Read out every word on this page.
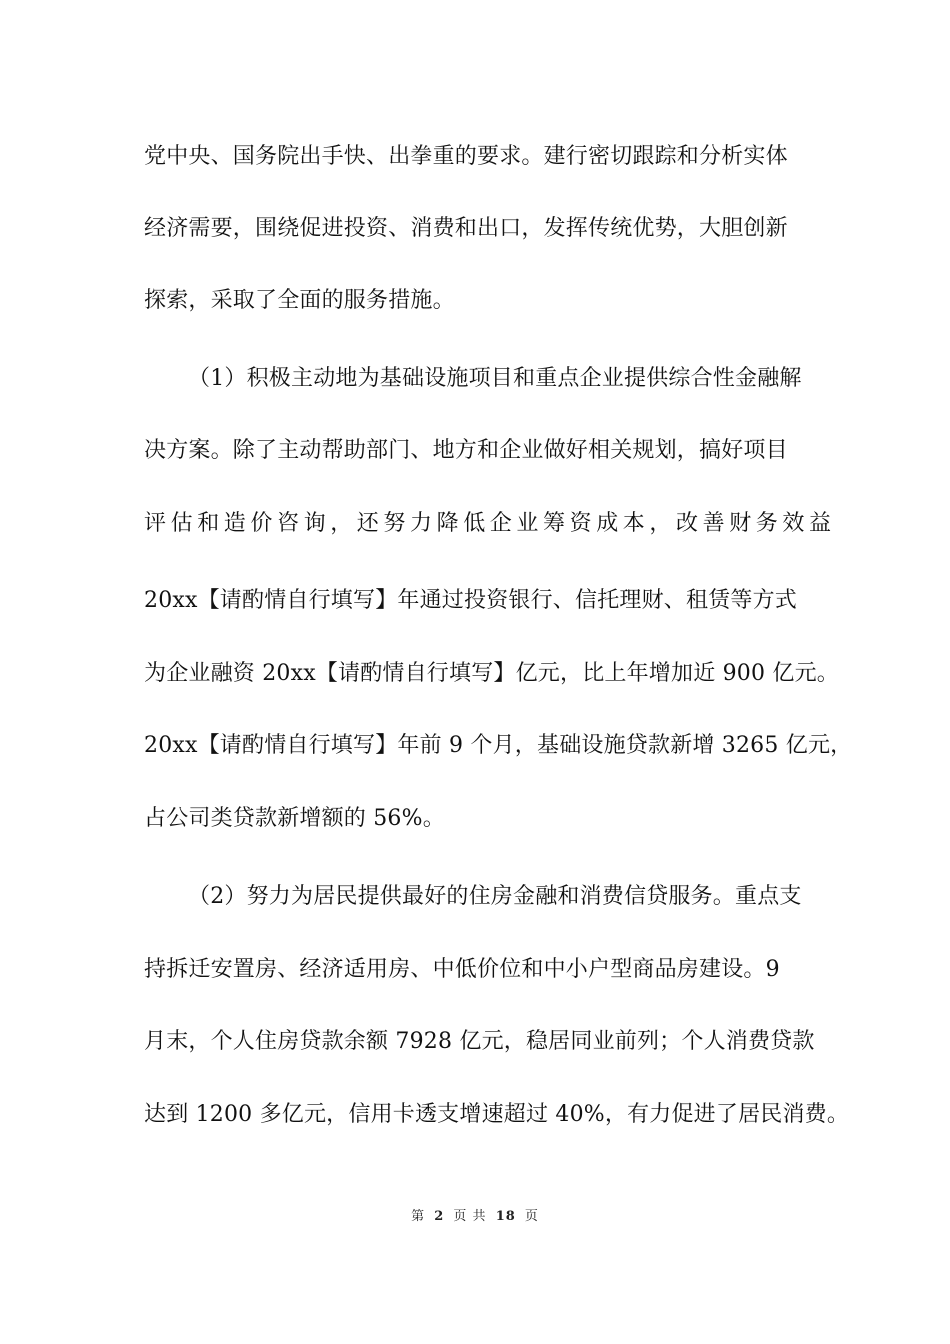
党中央、国务院出手快、出拳重的要求。建行密切跟踪和分析实体
经济需要，围绕促进投资、消费和出口，发挥传统优势，大胆创新
探索，采取了全面的服务措施。
（1）积极主动地为基础设施项目和重点企业提供综合性金融解
决方案。除了主动帮助部门、地方和企业做好相关规划，搞好项目
评估和造价咨询，还努力降低企业筹资成本，改善财务效益
20xx【请酌情自行填写】年通过投资银行、信托理财、租赁等方式
为企业融资 20xx【请酌情自行填写】亿元，比上年增加近 900 亿元。
20xx【请酌情自行填写】年前 9 个月，基础设施贷款新增 3265 亿元，
占公司类贷款新增额的 56%。
（2）努力为居民提供最好的住房金融和消费信贷服务。重点支
持拆迁安置房、经济适用房、中低价位和中小户型商品房建设。9
月末，个人住房贷款余额 7928 亿元，稳居同业前列；个人消费贷款
达到 1200 多亿元，信用卡透支增速超过 40%，有力促进了居民消费。
第 2 页 共 18 页
